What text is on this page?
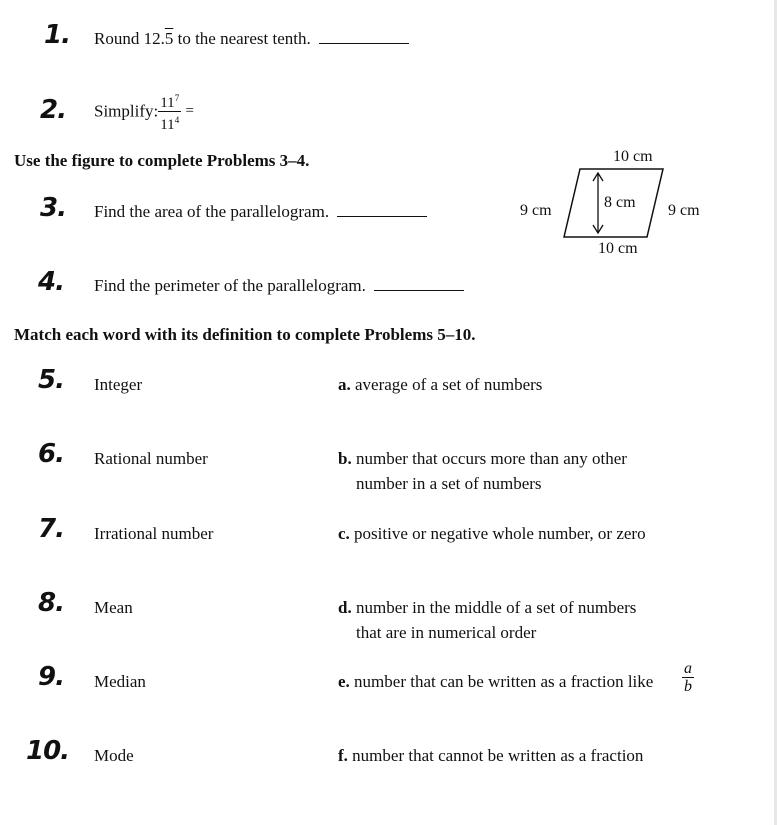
1. Round 12.5 to the nearest tenth.
2. Simplify: $\frac{11^7}{11^4}$ =
Use the figure to complete Problems 3–4.	10 cm
10 cm
9 cm	9 cm
8 cm
3. Find the area of the parallelogram.
4. Find the perimeter of the parallelogram.
Match each word with its definition to complete Problems 5–10.
5. Integer
6. Rational number
7. Irrational number
8. Mean
9. Median
10. Mode
a. average of a set of numbers
b. number that occurs more than any other
number in a set of numbers
c. positive or negative whole number, or zero
d. number in the middle of a set of numbers
that are in numerical order
e. number that can be written as a fraction like $\frac{a}{b}$
f. number that cannot be written as a fraction
